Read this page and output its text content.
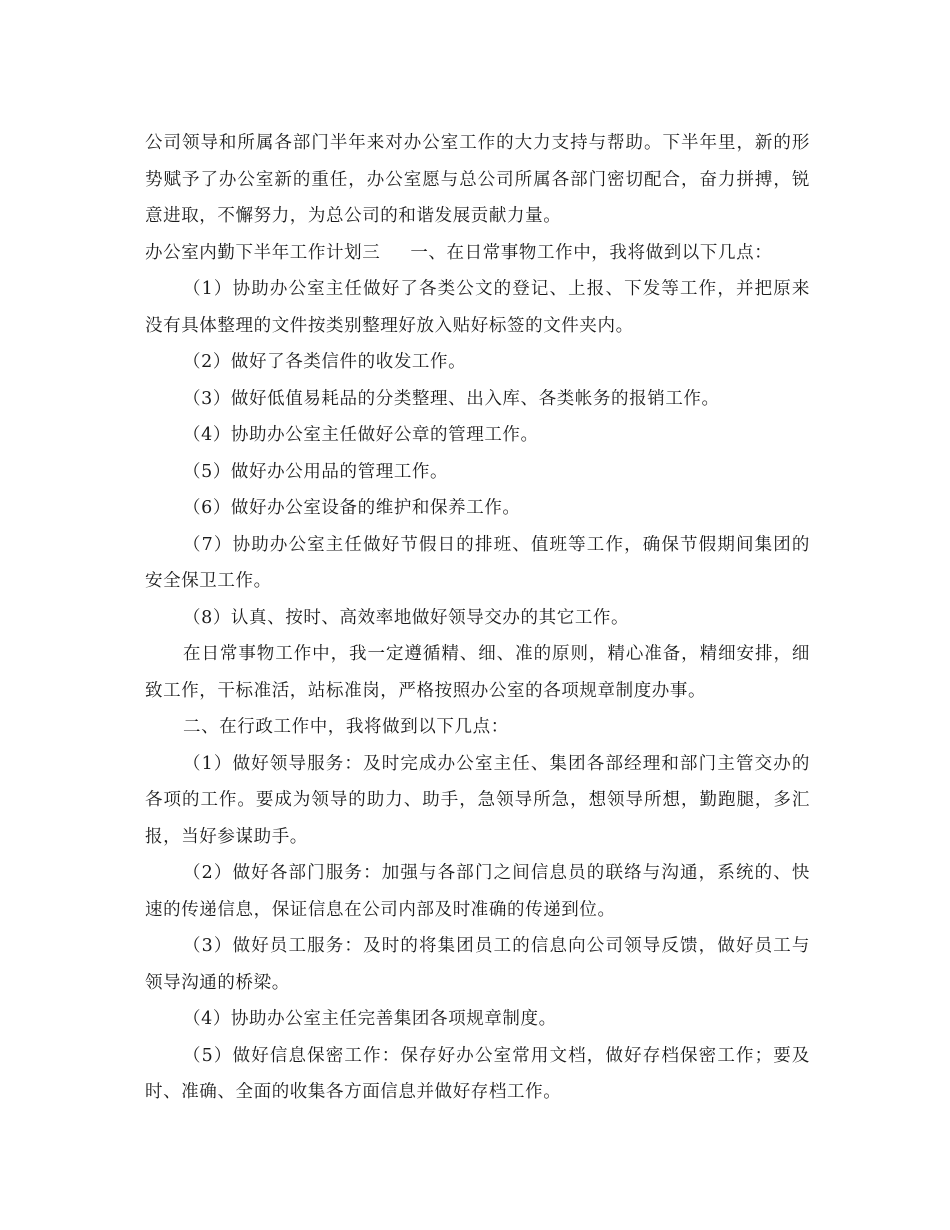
公司领导和所属各部门半年来对办公室工作的大力支持与帮助。下半年里，新的形势赋予了办公室新的重任，办公室愿与总公司所属各部门密切配合，奋力拼搏，锐意进取，不懈努力，为总公司的和谐发展贡献力量。

办公室内勤下半年工作计划三 一、在日常事物工作中，我将做到以下几点：

（1）协助办公室主任做好了各类公文的登记、上报、下发等工作，并把原来没有具体整理的文件按类别整理好放入贴好标签的文件夹内。

（2）做好了各类信件的收发工作。

（3）做好低值易耗品的分类整理、出入库、各类帐务的报销工作。

（4）协助办公室主任做好公章的管理工作。

（5）做好办公用品的管理工作。

（6）做好办公室设备的维护和保养工作。

（7）协助办公室主任做好节假日的排班、值班等工作，确保节假期间集团的安全保卫工作。

（8）认真、按时、高效率地做好领导交办的其它工作。

在日常事物工作中，我一定遵循精、细、准的原则，精心准备，精细安排，细致工作，干标准活，站标准岗，严格按照办公室的各项规章制度办事。

二、在行政工作中，我将做到以下几点：

（1）做好领导服务：及时完成办公室主任、集团各部经理和部门主管交办的各项的工作。要成为领导的助力、助手，急领导所急，想领导所想，勤跑腿，多汇报，当好参谋助手。

（2）做好各部门服务：加强与各部门之间信息员的联络与沟通，系统的、快速的传递信息，保证信息在公司内部及时准确的传递到位。

（3）做好员工服务：及时的将集团员工的信息向公司领导反馈，做好员工与领导沟通的桥梁。

（4）协助办公室主任完善集团各项规章制度。

（5）做好信息保密工作：保存好办公室常用文档，做好存档保密工作；要及时、准确、全面的收集各方面信息并做好存档工作。
